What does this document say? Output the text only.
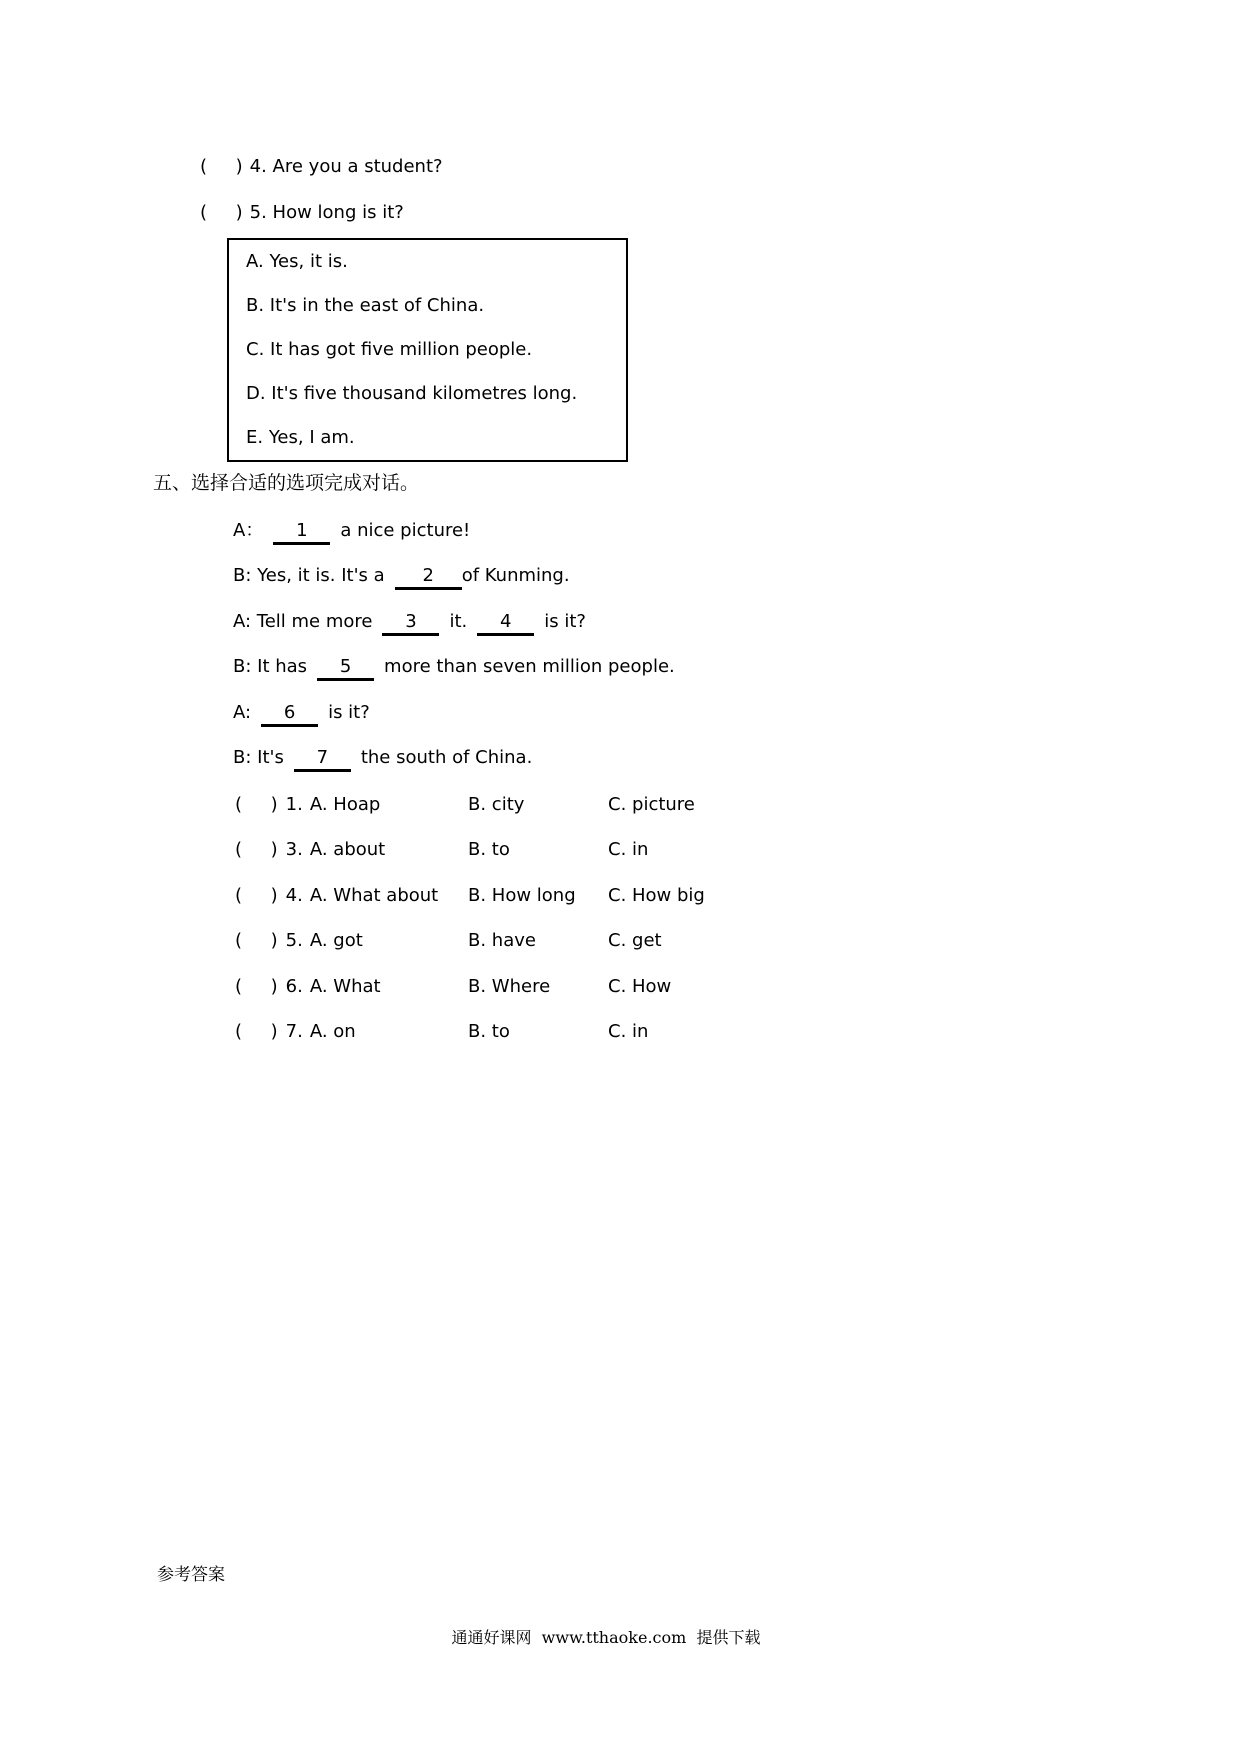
(     ) 4. Are you a student?
(     ) 5. How long is it?
A. Yes, it is.
B. It's in the east of China.
C. It has got five million people.
D. It's five thousand kilometres long.
E. Yes, I am.
五、选择合适的选项完成对话。
A： 1 a nice picture!
B: Yes, it is. It's a 2 of Kunming.
A: Tell me more 3 it. 4 is it?
B: It has 5 more than seven million people.
A: 6 is it?
B: It's 7 the south of China.
(     ) 1. A. Hoap	B. city	C. picture
(     ) 3. A. about	B. to	C. in
(     ) 4. A. What about	B. How long	C. How big
(     ) 5. A. got	B. have	C. get
(     ) 6. A. What	B. Where	C. How
(     ) 7. A. on	B. to	C. in
参考答案
通通好课网  www.tthaoke.com  提供下载
